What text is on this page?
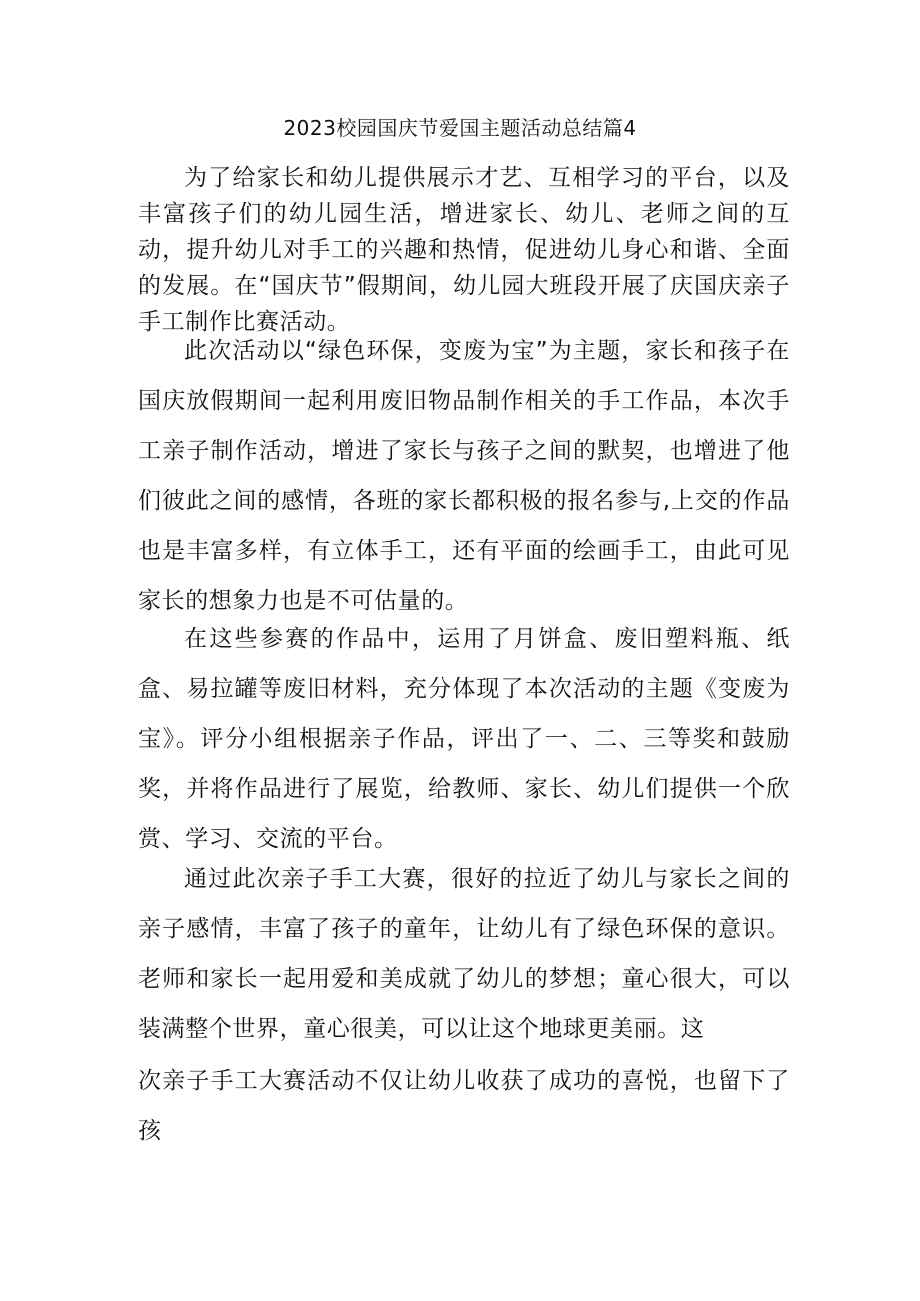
2023校园国庆节爱国主题活动总结篇4

为了给家长和幼儿提供展示才艺、互相学习的平台，以及丰富孩子们的幼儿园生活，增进家长、幼儿、老师之间的互动，提升幼儿对手工的兴趣和热情，促进幼儿身心和谐、全面的发展。在“国庆节”假期间，幼儿园大班段开展了庆国庆亲子手工制作比赛活动。

此次活动以“绿色环保，变废为宝”为主题，家长和孩子在国庆放假期间一起利用废旧物品制作相关的手工作品，本次手工亲子制作活动，增进了家长与孩子之间的默契，也增进了他们彼此之间的感情，各班的家长都积极的报名参与,上交的作品也是丰富多样，有立体手工，还有平面的绘画手工，由此可见家长的想象力也是不可估量的。

在这些参赛的作品中，运用了月饼盒、废旧塑料瓶、纸盒、易拉罐等废旧材料，充分体现了本次活动的主题《变废为宝》。评分小组根据亲子作品，评出了一、二、三等奖和鼓励奖，并将作品进行了展览，给教师、家长、幼儿们提供一个欣赏、学习、交流的平台。

通过此次亲子手工大赛，很好的拉近了幼儿与家长之间的亲子感情，丰富了孩子的童年，让幼儿有了绿色环保的意识。老师和家长一起用爱和美成就了幼儿的梦想；童心很大，可以装满整个世界，童心很美，可以让这个地球更美丽。这

次亲子手工大赛活动不仅让幼儿收获了成功的喜悦，也留下了孩
